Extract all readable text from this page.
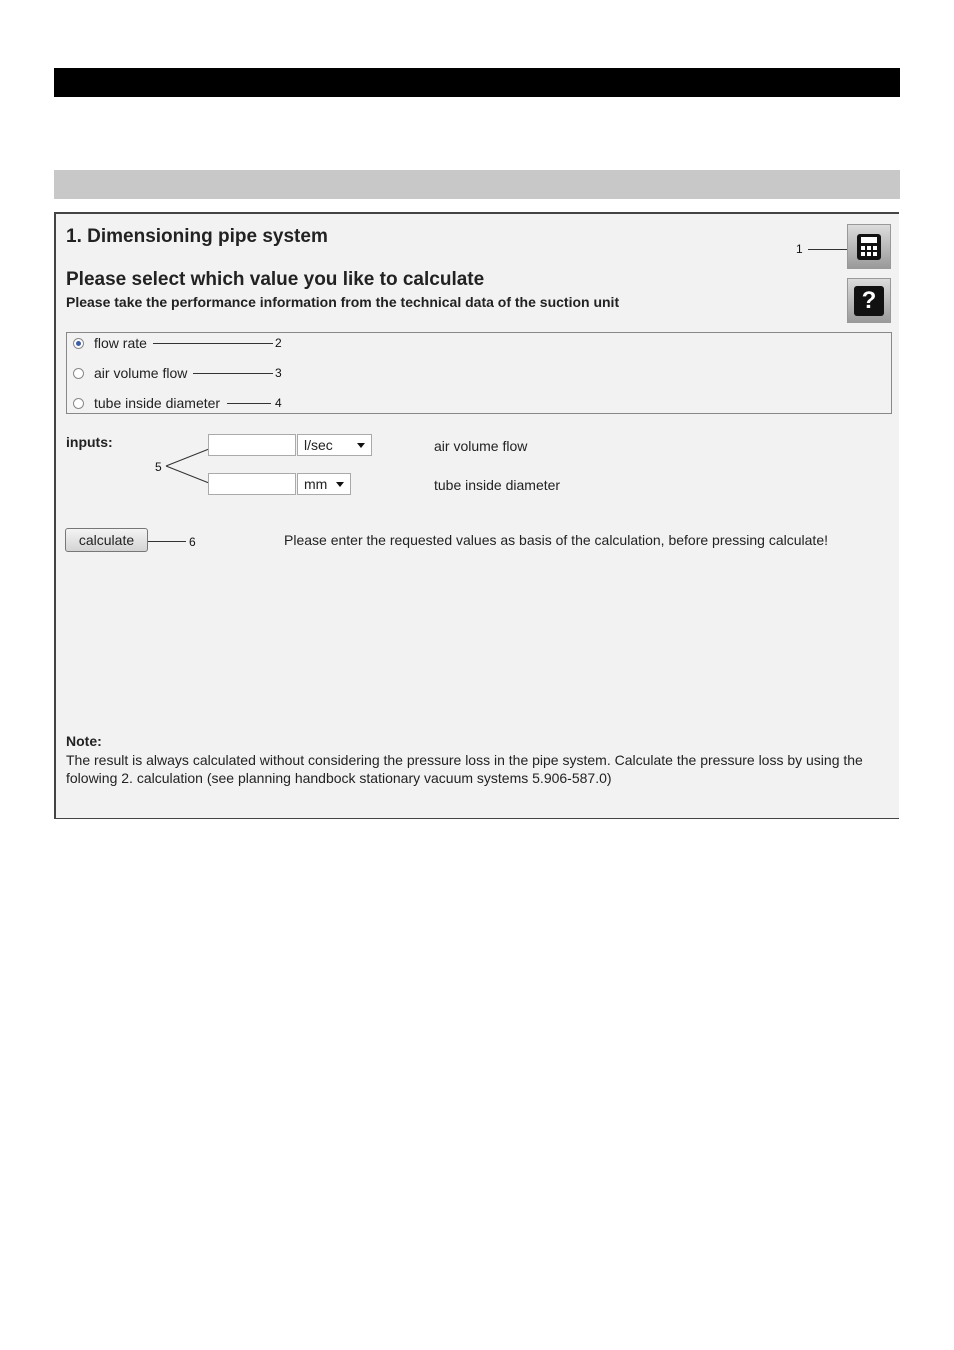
1. Dimensioning pipe system
1
?
Please select which value you like to calculate
Please take the performance information from the technical data of the suction unit
flow rate	2
air volume flow	3
tube inside diameter	4
inputs:
5
l/sec	air volume flow
mm	tube inside diameter
calculate	6	Please enter the requested values as basis of the calculation, before pressing calculate!
Note:
The result is always calculated without considering the pressure loss in the pipe system. Calculate the pressure loss by using the folowing 2. calculation (see planning handbock stationary vacuum systems 5.906-587.0)
